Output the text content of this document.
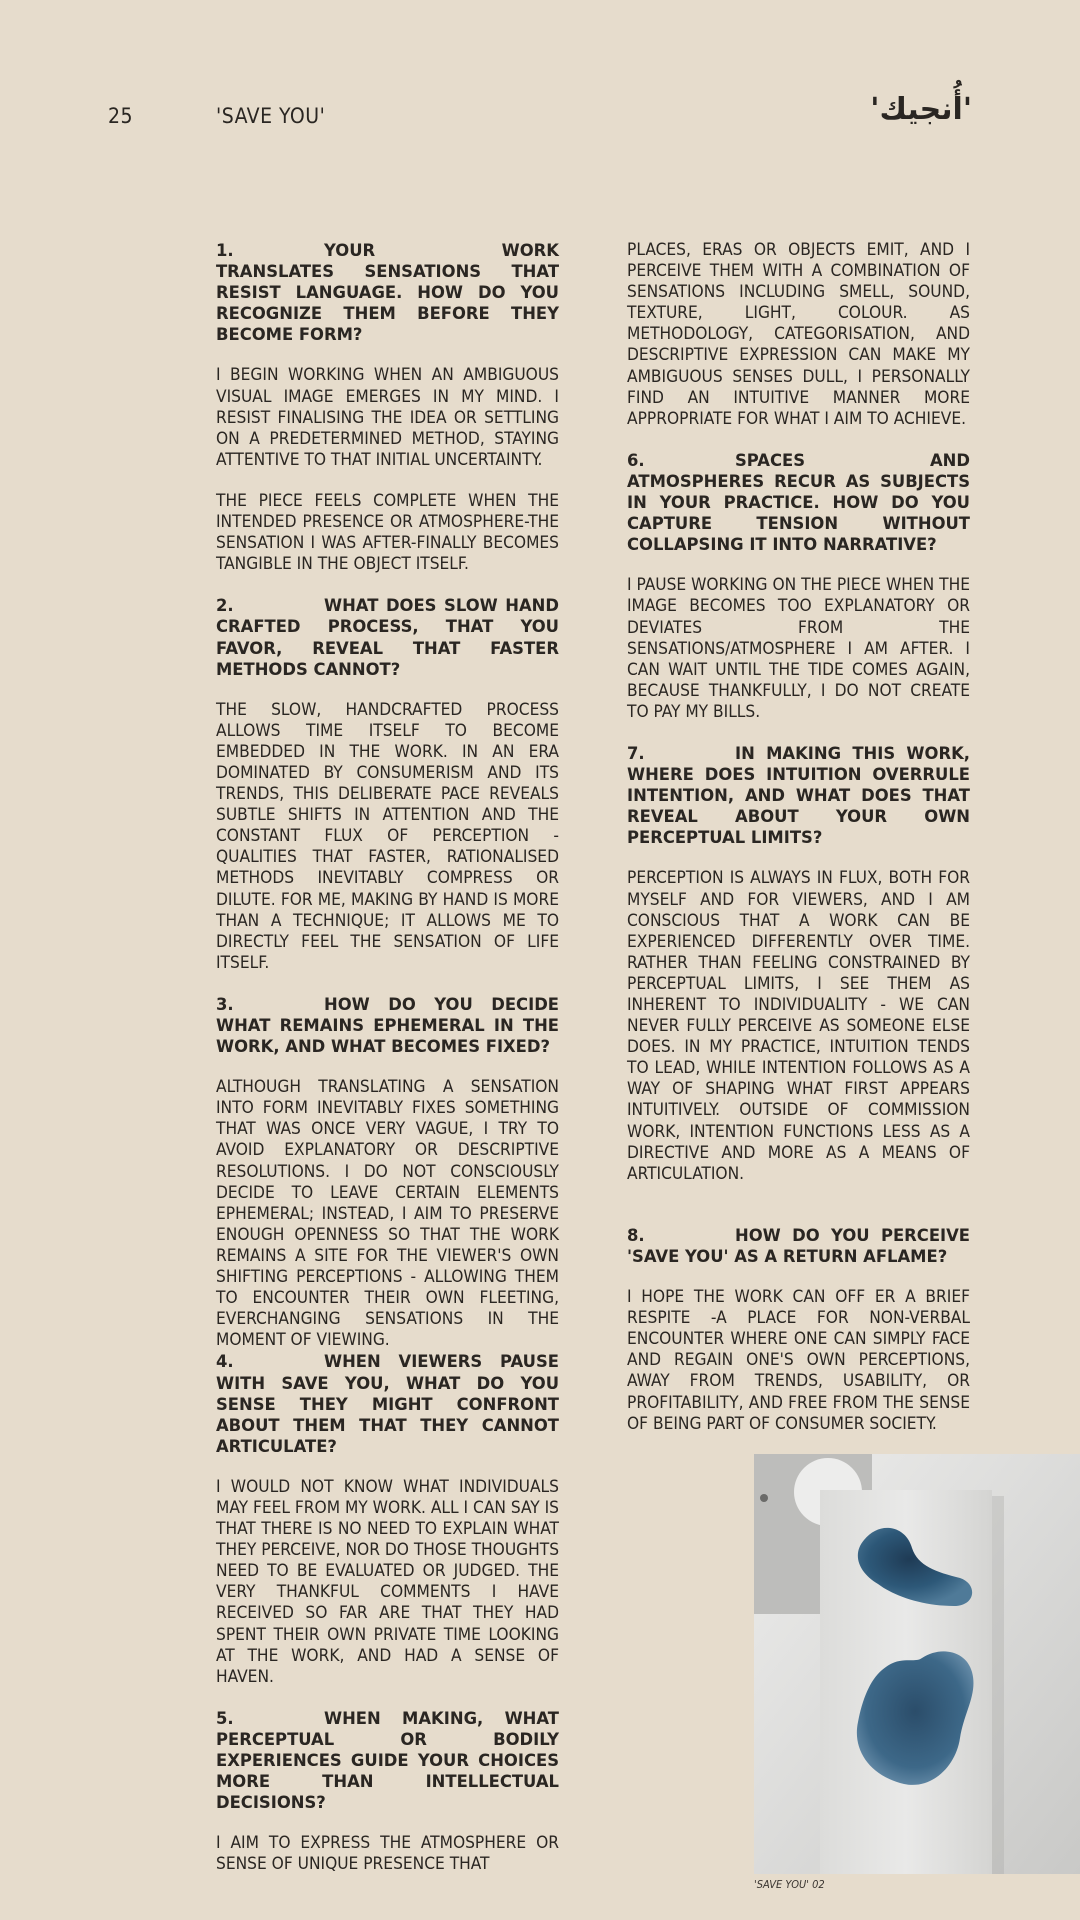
25	'SAVE YOU'	'أُنجيك'

1.	YOUR WORK TRANSLATES SENSATIONS THAT RESIST LANGUAGE. HOW DO YOU RECOGNIZE THEM BEFORE THEY BECOME FORM?

I BEGIN WORKING WHEN AN AMBIGUOUS VISUAL IMAGE EMERGES IN MY MIND. I RESIST FINALISING THE IDEA OR SETTLING ON A PREDETERMINED METHOD, STAYING ATTENTIVE TO THAT INITIAL UNCERTAINTY.

THE PIECE FEELS COMPLETE WHEN THE INTENDED PRESENCE OR ATMOSPHERE-THE SENSATION I WAS AFTER-FINALLY BECOMES TANGIBLE IN THE OBJECT ITSELF.

2.	WHAT DOES SLOW HAND CRAFTED PROCESS, THAT YOU FAVOR, REVEAL THAT FASTER METHODS CANNOT?

THE SLOW, HANDCRAFTED PROCESS ALLOWS TIME ITSELF TO BECOME EMBEDDED IN THE WORK. IN AN ERA DOMINATED BY CONSUMERISM AND ITS TRENDS, THIS DELIBERATE PACE REVEALS SUBTLE SHIFTS IN ATTENTION AND THE CONSTANT FLUX OF PERCEPTION - QUALITIES THAT FASTER, RATIONALISED METHODS INEVITABLY COMPRESS OR DILUTE. FOR ME, MAKING BY HAND IS MORE THAN A TECHNIQUE; IT ALLOWS ME TO DIRECTLY FEEL THE SENSATION OF LIFE ITSELF.

3.	HOW DO YOU DECIDE WHAT REMAINS EPHEMERAL IN THE WORK, AND WHAT BECOMES FIXED?

ALTHOUGH TRANSLATING A SENSATION INTO FORM INEVITABLY FIXES SOMETHING THAT WAS ONCE VERY VAGUE, I TRY TO AVOID EXPLANATORY OR DESCRIPTIVE RESOLUTIONS. I DO NOT CONSCIOUSLY DECIDE TO LEAVE CERTAIN ELEMENTS EPHEMERAL; INSTEAD, I AIM TO PRESERVE ENOUGH OPENNESS SO THAT THE WORK REMAINS A SITE FOR THE VIEWER'S OWN SHIFTING PERCEPTIONS - ALLOWING THEM TO ENCOUNTER THEIR OWN FLEETING, EVERCHANGING SENSATIONS IN THE MOMENT OF VIEWING.

4.	WHEN VIEWERS PAUSE WITH SAVE YOU, WHAT DO YOU SENSE THEY MIGHT CONFRONT ABOUT THEM THAT THEY CANNOT ARTICULATE?

I WOULD NOT KNOW WHAT INDIVIDUALS MAY FEEL FROM MY WORK. ALL I CAN SAY IS THAT THERE IS NO NEED TO EXPLAIN WHAT THEY PERCEIVE, NOR DO THOSE THOUGHTS NEED TO BE EVALUATED OR JUDGED. THE VERY THANKFUL COMMENTS I HAVE RECEIVED SO FAR ARE THAT THEY HAD SPENT THEIR OWN PRIVATE TIME LOOKING AT THE WORK, AND HAD A SENSE OF HAVEN.

5.	WHEN MAKING, WHAT PERCEPTUAL OR BODILY EXPERIENCES GUIDE YOUR CHOICES MORE THAN INTELLECTUAL DECISIONS?

I AIM TO EXPRESS THE ATMOSPHERE OR SENSE OF UNIQUE PRESENCE THAT

PLACES, ERAS OR OBJECTS EMIT, AND I PERCEIVE THEM WITH A COMBINATION OF SENSATIONS INCLUDING SMELL, SOUND, TEXTURE, LIGHT, COLOUR. AS METHODOLOGY, CATEGORISATION, AND DESCRIPTIVE EXPRESSION CAN MAKE MY AMBIGUOUS SENSES DULL, I PERSONALLY FIND AN INTUITIVE MANNER MORE APPROPRIATE FOR WHAT I AIM TO ACHIEVE.

6.	SPACES AND ATMOSPHERES RECUR AS SUBJECTS IN YOUR PRACTICE. HOW DO YOU CAPTURE TENSION WITHOUT COLLAPSING IT INTO NARRATIVE?

I PAUSE WORKING ON THE PIECE WHEN THE IMAGE BECOMES TOO EXPLANATORY OR DEVIATES FROM THE SENSATIONS/ATMOSPHERE I AM AFTER. I CAN WAIT UNTIL THE TIDE COMES AGAIN, BECAUSE THANKFULLY, I DO NOT CREATE TO PAY MY BILLS.

7.	IN MAKING THIS WORK, WHERE DOES INTUITION OVERRULE INTENTION, AND WHAT DOES THAT REVEAL ABOUT YOUR OWN PERCEPTUAL LIMITS?

PERCEPTION IS ALWAYS IN FLUX, BOTH FOR MYSELF AND FOR VIEWERS, AND I AM CONSCIOUS THAT A WORK CAN BE EXPERIENCED DIFFERENTLY OVER TIME. RATHER THAN FEELING CONSTRAINED BY PERCEPTUAL LIMITS, I SEE THEM AS INHERENT TO INDIVIDUALITY - WE CAN NEVER FULLY PERCEIVE AS SOMEONE ELSE DOES. IN MY PRACTICE, INTUITION TENDS TO LEAD, WHILE INTENTION FOLLOWS AS A WAY OF SHAPING WHAT FIRST APPEARS INTUITIVELY. OUTSIDE OF COMMISSION WORK, INTENTION FUNCTIONS LESS AS A DIRECTIVE AND MORE AS A MEANS OF ARTICULATION.

8.	HOW DO YOU PERCEIVE 'SAVE YOU' AS A RETURN AFLAME?

I HOPE THE WORK CAN OFF ER A BRIEF RESPITE -A PLACE FOR NON-VERBAL ENCOUNTER WHERE ONE CAN SIMPLY FACE AND REGAIN ONE'S OWN PERCEPTIONS, AWAY FROM TRENDS, USABILITY, OR PROFITABILITY, AND FREE FROM THE SENSE OF BEING PART OF CONSUMER SOCIETY.

'SAVE YOU' 02
